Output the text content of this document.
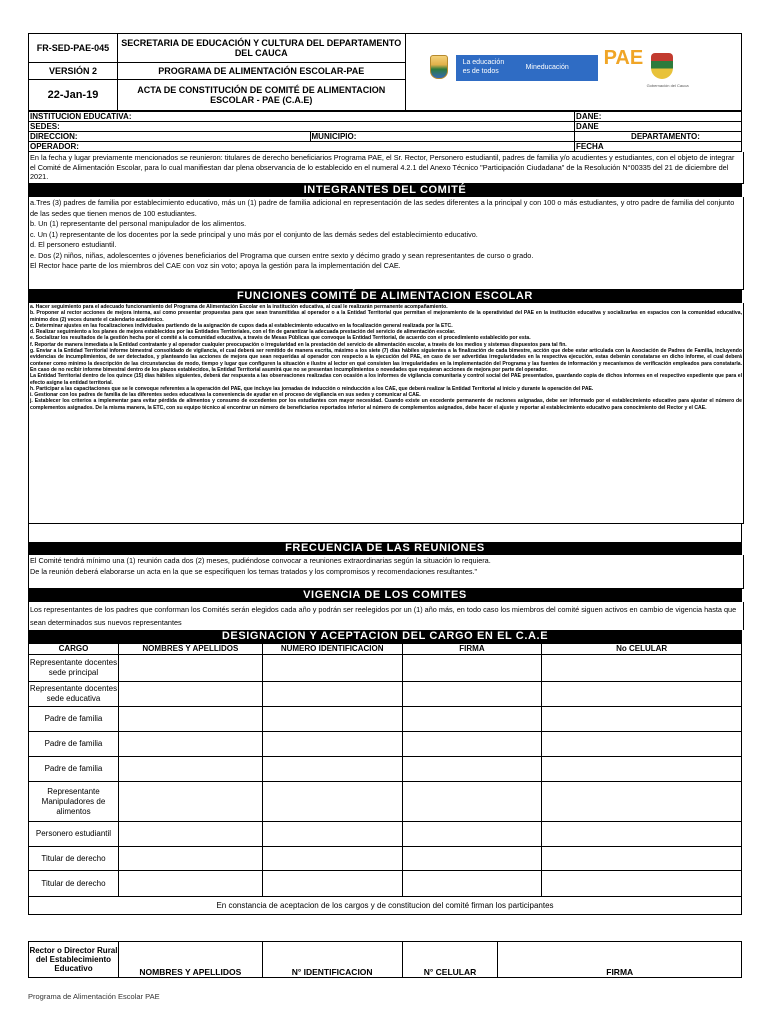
FR-SED-PAE-045	SECRETARIA DE EDUCACIÓN Y CULTURA DEL DEPARTAMENTO DEL CAUCA	La educación es de todos
Mineducación PAE
Gobernación del Cauca

VERSIÓN 2	PROGRAMA DE ALIMENTACIÓN ESCOLAR-PAE	
22-Jan-19	ACTA DE CONSTITUCIÓN DE COMITÉ DE ALIMENTACION ESCOLAR - PAE (C.A.E)	
INSTITUCION EDUCATIVA:		DANE:
SEDES:		DANE
DIRECCION:	MUNICIPIO:	DEPARTAMENTO:
OPERADOR:		FECHA
En la fecha y lugar previamente mencionados se reunieron: titulares de derecho beneficiarios Programa PAE, el Sr. Rector, Personero estudiantil, padres de familia y/o acudientes y estudiantes, con el objeto de integrar el Comité de Alimentación Escolar, para lo cual manifiestan dar plena observancia de lo establecido en el numeral 4.2.1 del Anexo Técnico "Participación Ciudadana" de la Resolución N°00335 del 21 de diciembre del 2021.
INTEGRANTES DEL COMITÉ
a.Tres (3) padres de familia por establecimiento educativo, más un (1) padre de familia adicional en representación de las sedes diferentes a la principal y con 100 o más estudiantes, y otro padre de familia del conjunto de las sedes que tienen menos de 100 estudiantes.
b. Un (1) representante del personal manipulador de los alimentos.
c. Un (1) representante de los docentes por la sede principal y uno más por el conjunto de las demás sedes del establecimiento educativo.
d. El personero estudiantil.
e. Dos (2) niños, niñas, adolescentes o jóvenes beneficiarios del Programa que cursen entre sexto y décimo grado y sean representantes de curso o grado.
El Rector hace parte de los miembros del CAE con voz sin voto; apoya la gestión para la implementación del CAE.
FUNCIONES COMITÉ DE ALIMENTACION ESCOLAR
a. Hacer seguimiento para el adecuado funcionamiento del Programa de Alimentación Escolar en la institución educativa, al cual le realizarán permanente acompañamiento.
b. Proponer al rector acciones de mejora interna, así como presentar propuestas para que sean transmitidas al operador o a la Entidad Territorial que permitan el mejoramiento de la operatividad del PAE en la institución educativa y socializarlas en espacios con la comunidad educativa, mínimo dos (2) veces durante el calendario académico.
c. Determinar ajustes en las focalizaciones individuales partiendo de la asignación de cupos dada al establecimiento educativo en la focalización general realizada por la ETC.
d. Realizar seguimiento a los planes de mejora establecidos por las Entidades Territoriales, con el fin de garantizar la adecuada prestación del servicio de alimentación escolar.
e. Socializar los resultados de la gestión hecha por el comité a la comunidad educativa, a través de Mesas Públicas que convoque la Entidad Territorial, de acuerdo con el procedimiento establecido por esta.
f. Reportar de manera inmediata a la Entidad contratante y al operador cualquier preocupación o irregularidad en la prestación del servicio de alimentación escolar, a través de los medios y sistemas dispuestos para tal fin.
g. Enviar a la Entidad Territorial informe bimestral consolidado de vigilancia, el cual deberá ser remitido de manera escrita, máximo a los siete (7) días hábiles siguientes a la finalización de cada bimestre, acción que debe estar articulada con la Asociación de Padres de Familia, incluyendo evidencias de incumplimientos, de ser detectados, y planteando las acciones de mejora que sean requeridas al operador con respecto a la ejecución del PAE, en caso de ser advertidas irregularidades en la respectiva ejecución, estas deberán constatarse en dicho informe, el cual deberá contener como mínimo la descripción de las circunstancias de modo, tiempo y lugar que configuren la situación e ilustre al lector en qué consisten las irregularidades en la implementación del Programa y las fuentes de información y mecanismos de verificación empleados para constatarla. En caso de no recibir informe bimestral dentro de los plazos establecidos, la Entidad Territorial asumirá que no se presentan incumplimientos o novedades que requieran acciones de mejora por parte del operador.
La Entidad Territorial dentro de los quince (15) días hábiles siguientes, deberá dar respuesta a las observaciones realizadas con ocasión a los informes de vigilancia comunitaria y control social del PAE presentados, guardando copia de dichos informes en el respectivo expediente que para el efecto asigne la entidad territorial.
h. Participar a las capacitaciones que se le convoque referentes a la operación del PAE, que incluye las jornadas de inducción o reinducción a los CAE, que deberá realizar la Entidad Territorial al inicio y durante la operación del PAE.
i. Gestionar con los padres de familia de las diferentes sedes educativas la conveniencia de ayudar en el proceso de vigilancia en sus sedes y comunicar al CAE.
j. Establecer los criterios a implementar para evitar pérdida de alimentos y consumo de excedentes por los estudiantes con mayor necesidad. Cuando existe un excedente permanente de raciones asignadas, debe ser informado por el establecimiento educativo para ajustar el número de complementos asignados. De la misma manera, la ETC, con su equipo técnico al encontrar un número de beneficiarios reportados inferior al número de complementos asignados, debe hacer el ajuste y reportar al establecimiento educativo para conocimiento del Rector y el CAE.
FRECUENCIA DE LAS REUNIONES
El Comité tendrá mínimo una (1) reunión cada dos (2) meses, pudiéndose convocar a reuniones extraordinarias según la situación lo requiera.
De la reunión deberá elaborarse un acta en la que se especifiquen los temas tratados y los compromisos y recomendaciones resultantes."
VIGENCIA DE LOS COMITES
Los representantes de los padres que conforman los Comités serán elegidos cada año y podrán ser reelegidos por un (1) año más, en todo caso los miembros del comité siguen activos en cambio de vigencia hasta que sean determinados sus nuevos representantes
DESIGNACION Y ACEPTACION DEL CARGO EN EL C.A.E
CARGO	NOMBRES Y APELLIDOS	NUMERO IDENTIFICACION	FIRMA	No CELULAR
Representante docentes sede principal				
Representante docentes sede educativa				
Padre de familia				
Padre de familia				
Padre de familia				
Representante Manipuladores de alimentos				
Personero estudiantil				
Titular de derecho				
Titular de derecho				
En constancia de aceptacion de los cargos y de constitucion del comité firman los participantes				
Rector o Director Rural del Establecimiento Educativo	NOMBRES Y APELLIDOS	N° IDENTIFICACION	N° CELULAR	FIRMA
Programa de Alimentación Escolar PAE
